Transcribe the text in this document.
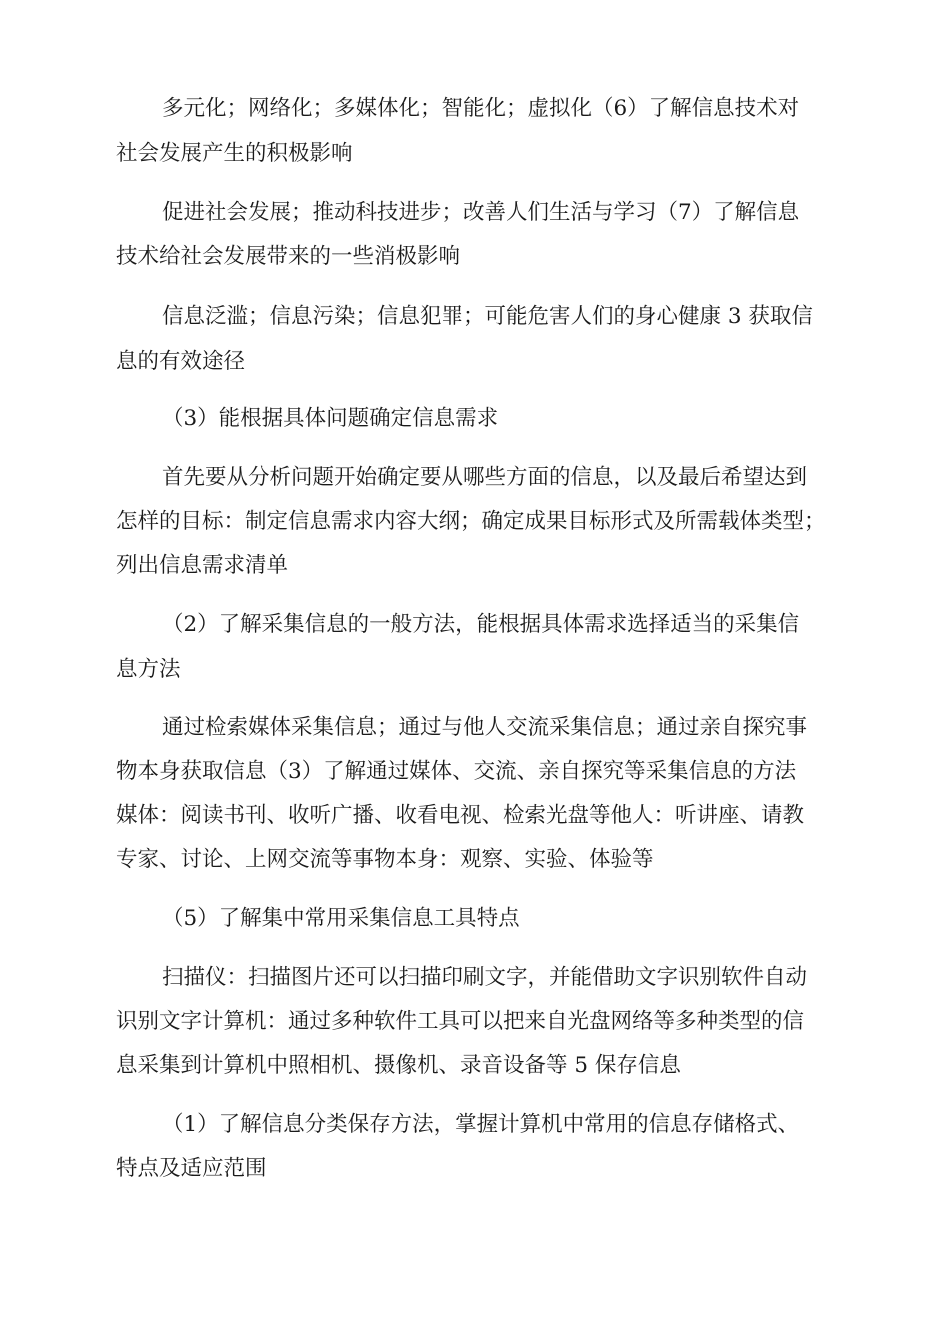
多元化；网络化；多媒体化；智能化；虚拟化（6）了解信息技术对
社会发展产生的积极影响
促进社会发展；推动科技进步；改善人们生活与学习（7）了解信息
技术给社会发展带来的一些消极影响
信息泛滥；信息污染；信息犯罪；可能危害人们的身心健康 3 获取信
息的有效途径
（3）能根据具体问题确定信息需求
首先要从分析问题开始确定要从哪些方面的信息，以及最后希望达到
怎样的目标：制定信息需求内容大纲；确定成果目标形式及所需载体类型；
列出信息需求清单
（2）了解采集信息的一般方法，能根据具体需求选择适当的采集信
息方法
通过检索媒体采集信息；通过与他人交流采集信息；通过亲自探究事
物本身获取信息（3）了解通过媒体、交流、亲自探究等采集信息的方法
媒体：阅读书刊、收听广播、收看电视、检索光盘等他人：听讲座、请教
专家、讨论、上网交流等事物本身：观察、实验、体验等
（5）了解集中常用采集信息工具特点
扫描仪：扫描图片还可以扫描印刷文字，并能借助文字识别软件自动
识别文字计算机：通过多种软件工具可以把来自光盘网络等多种类型的信
息采集到计算机中照相机、摄像机、录音设备等 5 保存信息
（1）了解信息分类保存方法，掌握计算机中常用的信息存储格式、
特点及适应范围
